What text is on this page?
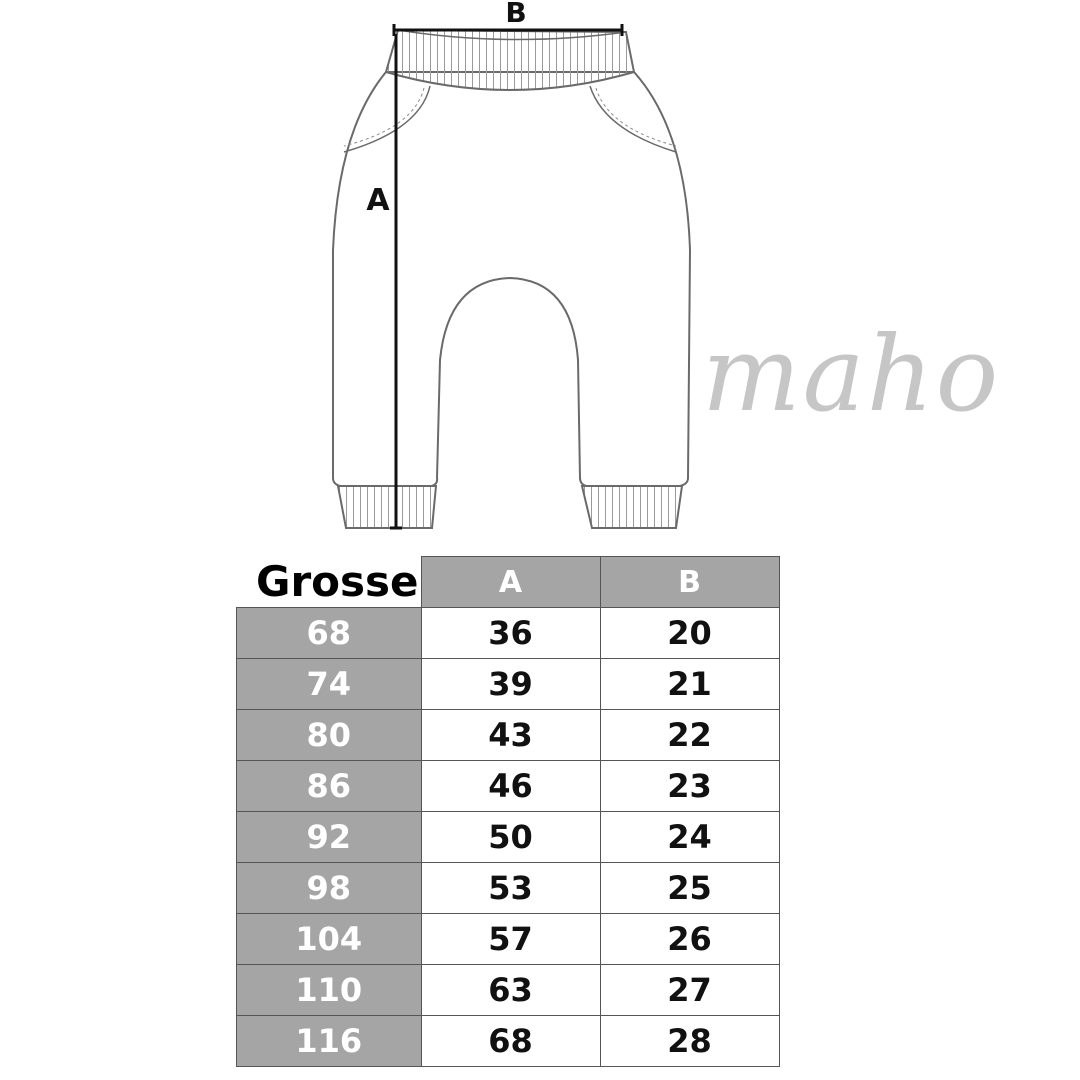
B
A
maho
Grosse	A	B
68	36	20
74	39	21
80	43	22
86	46	23
92	50	24
98	53	25
104	57	26
110	63	27
116	68	28
